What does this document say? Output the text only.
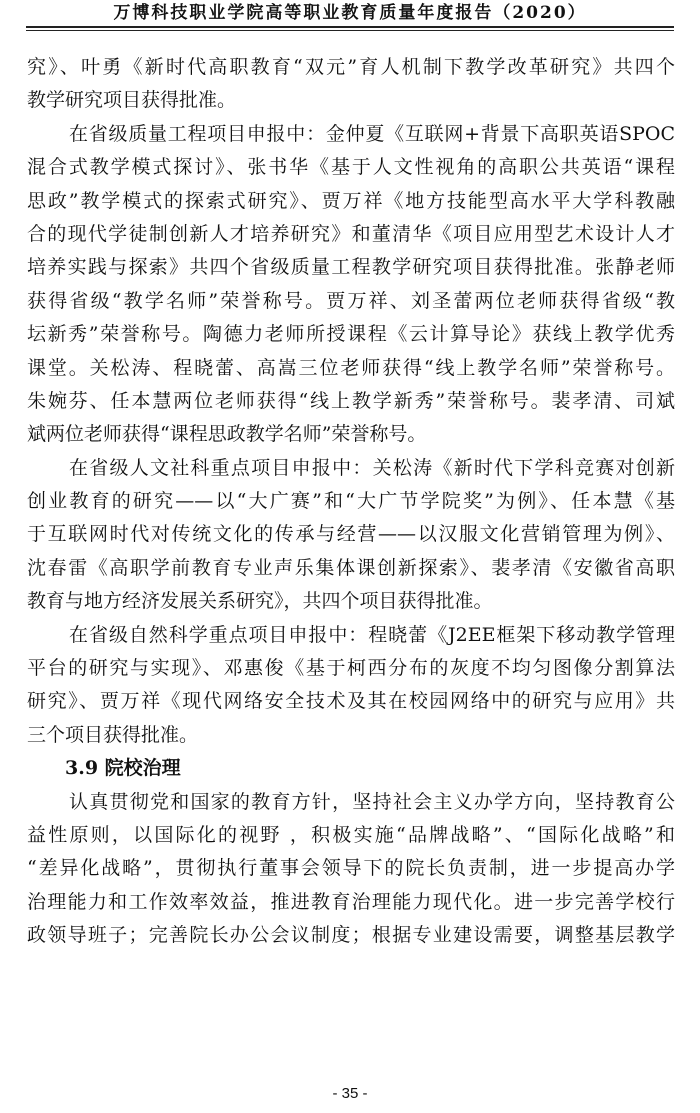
万博科技职业学院高等职业教育质量年度报告（2020）
究》、叶勇《新时代高职教育“双元”育人机制下教学改革研究》共四个
教学研究项目获得批准。
在省级质量工程项目申报中：金仲夏《互联网+背景下高职英语SPOC
混合式教学模式探讨》、张书华《基于人文性视角的高职公共英语“课程
思政”教学模式的探索式研究》、贾万祥《地方技能型高水平大学科教融
合的现代学徒制创新人才培养研究》和董清华《项目应用型艺术设计人才
培养实践与探索》共四个省级质量工程教学研究项目获得批准。张静老师
获得省级“教学名师”荣誉称号。贾万祥、刘圣蕾两位老师获得省级“教
坛新秀”荣誉称号。陶德力老师所授课程《云计算导论》获线上教学优秀
课堂。关松涛、程晓蕾、高嵩三位老师获得“线上教学名师”荣誉称号。
朱婉芬、任本慧两位老师获得“线上教学新秀”荣誉称号。裴孝清、司斌
斌两位老师获得“课程思政教学名师”荣誉称号。
在省级人文社科重点项目申报中：关松涛《新时代下学科竞赛对创新
创业教育的研究——以“大广赛”和“大广节学院奖”为例》、任本慧《基
于互联网时代对传统文化的传承与经营——以汉服文化营销管理为例》、
沈春雷《高职学前教育专业声乐集体课创新探索》、裴孝清《安徽省高职
教育与地方经济发展关系研究》，共四个项目获得批准。
在省级自然科学重点项目申报中：程晓蕾《J2EE框架下移动教学管理
平台的研究与实现》、邓惠俊《基于柯西分布的灰度不均匀图像分割算法
研究》、贾万祥《现代网络安全技术及其在校园网络中的研究与应用》共
三个项目获得批准。
3.9 院校治理
认真贯彻党和国家的教育方针，坚持社会主义办学方向，坚持教育公
益性原则，以国际化的视野 ，积极实施“品牌战略”、“国际化战略”和
“差异化战略”，贯彻执行董事会领导下的院长负责制，进一步提高办学
治理能力和工作效率效益，推进教育治理能力现代化。进一步完善学校行
政领导班子；完善院长办公会议制度；根据专业建设需要，调整基层教学
- 35 -
